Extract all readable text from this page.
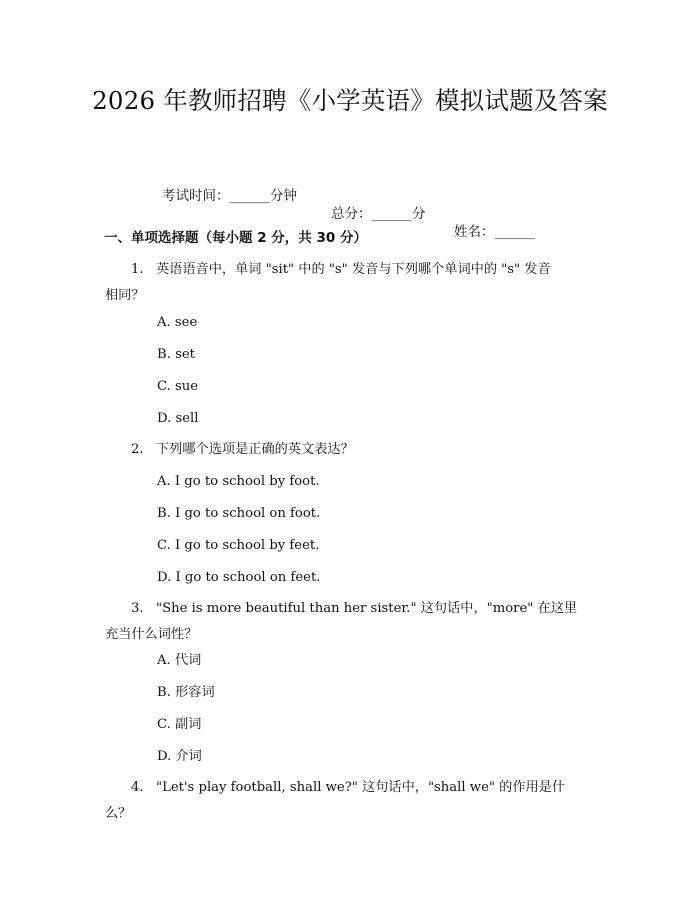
2026 年教师招聘《小学英语》模拟试题及答案

考试时间：______分钟

总分：______分

姓名：______

一、单项选择题（每小题 2 分，共 30 分）
1. 英语语音中，单词 "sit" 中的 "s" 发音与下列哪个单词中的 "s" 发音
相同？
A. see
B. set
C. sue
D. sell
2. 下列哪个选项是正确的英文表达？
A. I go to school by foot.
B. I go to school on foot.
C. I go to school by feet.
D. I go to school on feet.
3. "She is more beautiful than her sister." 这句话中，"more" 在这里
充当什么词性？
A. 代词
B. 形容词
C. 副词
D. 介词
4. "Let's play football, shall we?" 这句话中，"shall we" 的作用是什
么？
